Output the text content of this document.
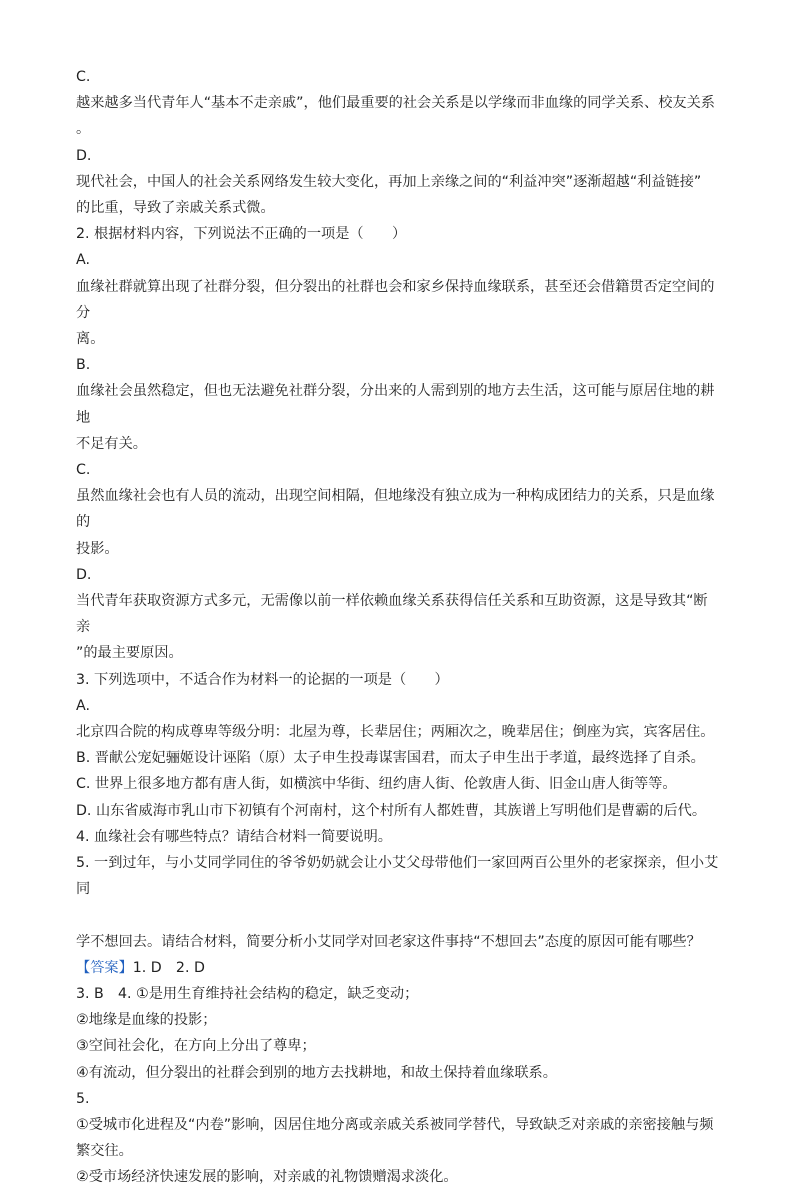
C.

越来越多当代青年人“基本不走亲戚”，他们最重要的社会关系是以学缘而非血缘的同学关系、校友关系

。

D.

现代社会，中国人的社会关系网络发生较大变化，再加上亲缘之间的“利益冲突”逐渐超越“利益链接”

的比重，导致了亲戚关系式微。

2. 根据材料内容，下列说法不正确的一项是（　　）

A.

血缘社群就算出现了社群分裂，但分裂出的社群也会和家乡保持血缘联系，甚至还会借籍贯否定空间的分

离。

B.

血缘社会虽然稳定，但也无法避免社群分裂，分出来的人需到别的地方去生活，这可能与原居住地的耕地

不足有关。

C.

虽然血缘社会也有人员的流动，出现空间相隔，但地缘没有独立成为一种构成团结力的关系，只是血缘的

投影。

D.

当代青年获取资源方式多元，无需像以前一样依赖血缘关系获得信任关系和互助资源，这是导致其“断亲

”的最主要原因。

3. 下列选项中，不适合作为材料一的论据的一项是（　　）

A.

北京四合院的构成尊卑等级分明：北屋为尊，长辈居住；两厢次之，晚辈居住；倒座为宾，宾客居住。

B. 晋献公宠妃骊姬设计诬陷（原）太子申生投毒谋害国君，而太子申生出于孝道，最终选择了自杀。

C. 世界上很多地方都有唐人街，如横滨中华街、纽约唐人街、伦敦唐人街、旧金山唐人街等等。

D. 山东省威海市乳山市下初镇有个河南村，这个村所有人都姓曹，其族谱上写明他们是曹霸的后代。

4. 血缘社会有哪些特点？请结合材料一简要说明。

5. 一到过年，与小艾同学同住的爷爷奶奶就会让小艾父母带他们一家回两百公里外的老家探亲，但小艾同

学不想回去。请结合材料，简要分析小艾同学对回老家这件事持“不想回去”态度的原因可能有哪些？

【答案】1. D　2. D

3. B　4. ①是用生育维持社会结构的稳定，缺乏变动；

②地缘是血缘的投影；

③空间社会化，在方向上分出了尊卑；

④有流动，但分裂出的社群会到别的地方去找耕地，和故土保持着血缘联系。

5.

①受城市化进程及“内卷”影响，因居住地分离或亲戚关系被同学替代，导致缺乏对亲戚的亲密接触与频

繁交往。

②受市场经济快速发展的影响，对亲戚的礼物馈赠渴求淡化。
